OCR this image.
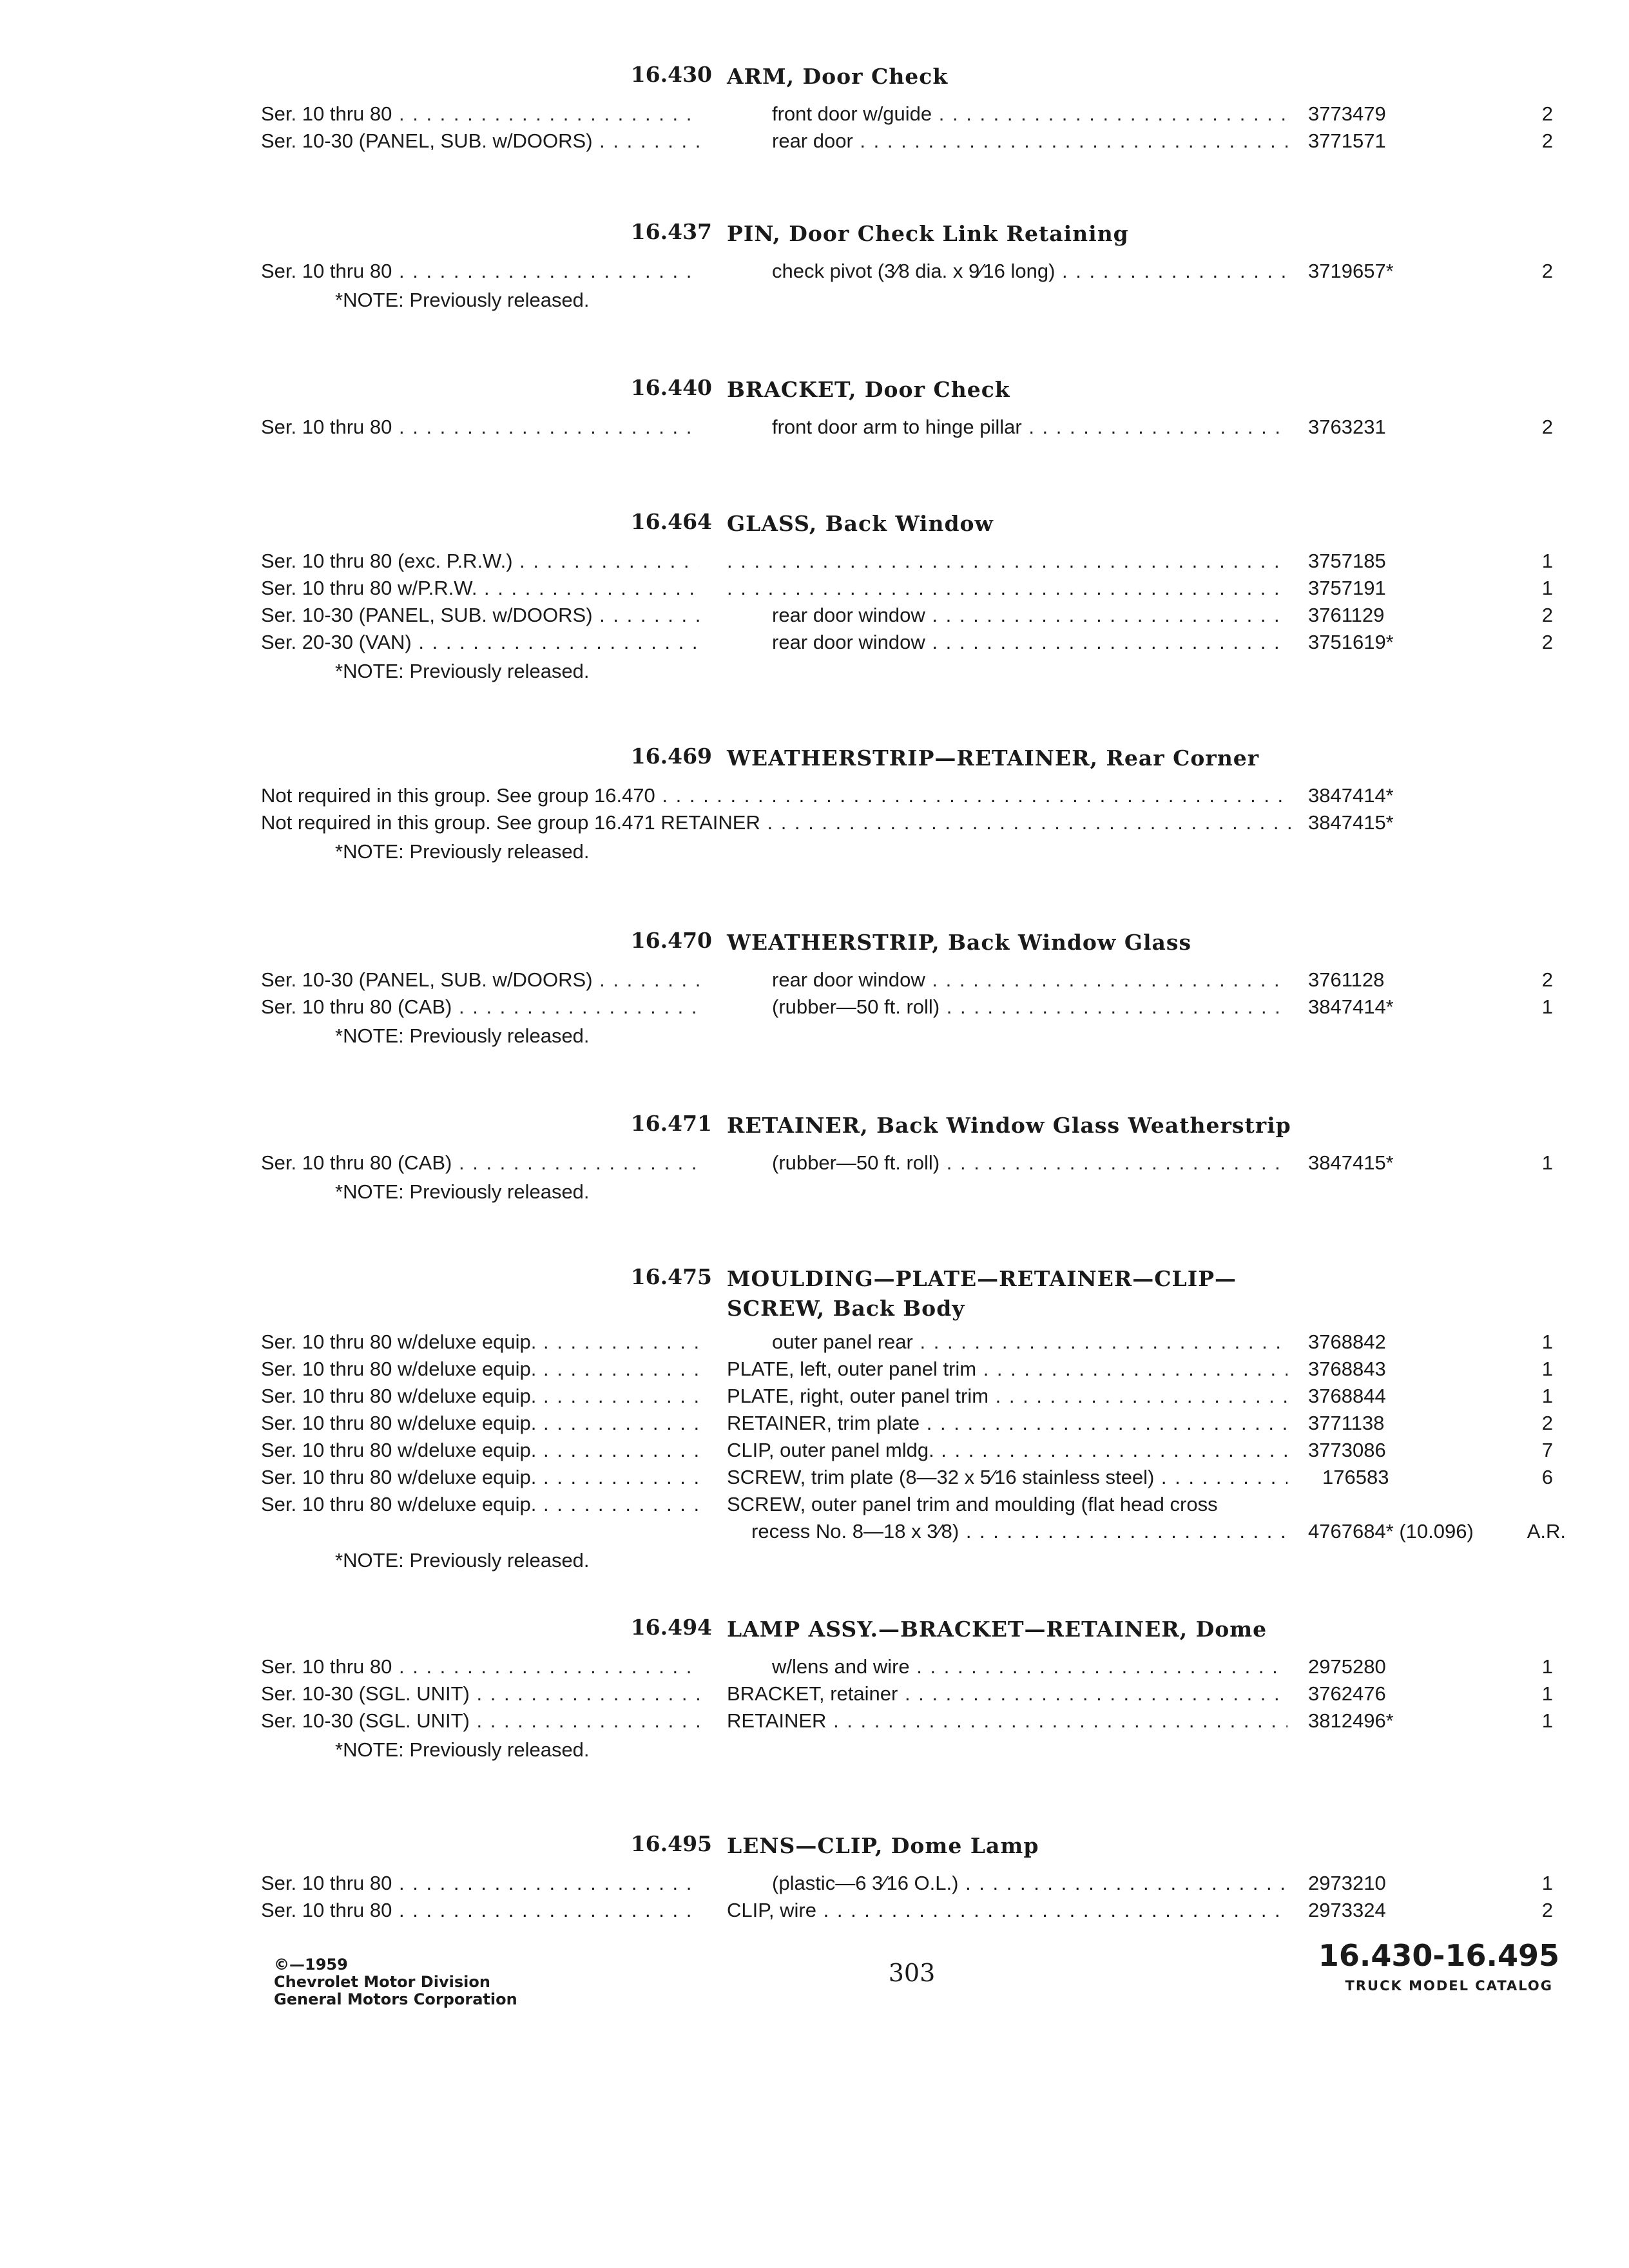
16.430 ARM, Door Check
Ser. 10 thru 80 . . .	front door w/guide . . .	3773479	2
Ser. 10-30 (PANEL, SUB. w/DOORS) . . .	rear door . . .	3771571	2
16.437 PIN, Door Check Link Retaining
Ser. 10 thru 80 . . .	check pivot (3⁄8 dia. x 9⁄16 long) . . .	3719657*	2
*NOTE: Previously released.
16.440 BRACKET, Door Check
Ser. 10 thru 80 . . .	front door arm to hinge pillar . . .	3763231	2
16.464 GLASS, Back Window
Ser. 10 thru 80 (exc. P.R.W.) . . . . . .	3757185	1
Ser. 10 thru 80 w/P.R.W. . . . . . .	3757191	1
Ser. 10-30 (PANEL, SUB. w/DOORS) . . .	rear door window . . .	3761129	2
Ser. 20-30 (VAN) . . .	rear door window . . .	3751619*	2
*NOTE: Previously released.
16.469 WEATHERSTRIP—RETAINER, Rear Corner
Not required in this group. See group 16.470 . . .	3847414*
Not required in this group. See group 16.471 RETAINER . . .	3847415*
*NOTE: Previously released.
16.470 WEATHERSTRIP, Back Window Glass
Ser. 10-30 (PANEL, SUB. w/DOORS) . . .	rear door window . . .	3761128	2
Ser. 10 thru 80 (CAB) . . .	(rubber—50 ft. roll) . . .	3847414*	1
*NOTE: Previously released.
16.471 RETAINER, Back Window Glass Weatherstrip
Ser. 10 thru 80 (CAB) . . .	(rubber—50 ft. roll) . . .	3847415*	1
*NOTE: Previously released.
16.475 MOULDING—PLATE—RETAINER—CLIP—
SCREW, Back Body
Ser. 10 thru 80 w/deluxe equip. . . .	outer panel rear . . .	3768842	1
Ser. 10 thru 80 w/deluxe equip. . . .	PLATE, left, outer panel trim . . .	3768843	1
Ser. 10 thru 80 w/deluxe equip. . . .	PLATE, right, outer panel trim . . .	3768844	1
Ser. 10 thru 80 w/deluxe equip. . . .	RETAINER, trim plate . . .	3771138	2
Ser. 10 thru 80 w/deluxe equip. . . .	CLIP, outer panel mldg. . . .	3773086	7
Ser. 10 thru 80 w/deluxe equip. . . .	SCREW, trim plate (8—32 x 5⁄16 stainless steel) . . .	176583	6
Ser. 10 thru 80 w/deluxe equip. . . .	SCREW, outer panel trim and moulding (flat head cross
recess No. 8—18 x 3⁄8) . . .	4767684* (10.096)	A.R.
*NOTE: Previously released.
16.494 LAMP ASSY.—BRACKET—RETAINER, Dome
Ser. 10 thru 80 . . .	w/lens and wire . . .	2975280	1
Ser. 10-30 (SGL. UNIT) . . .	BRACKET, retainer . . .	3762476	1
Ser. 10-30 (SGL. UNIT) . . .	RETAINER . . .	3812496*	1
*NOTE: Previously released.
16.495 LENS—CLIP, Dome Lamp
Ser. 10 thru 80 . . .	(plastic—6 3⁄16 O.L.) . . .	2973210	1
Ser. 10 thru 80 . . .	CLIP, wire . . .	2973324	2
©—1959
Chevrolet Motor Division
General Motors Corporation
303	16.430-16.495
TRUCK MODEL CATALOG
